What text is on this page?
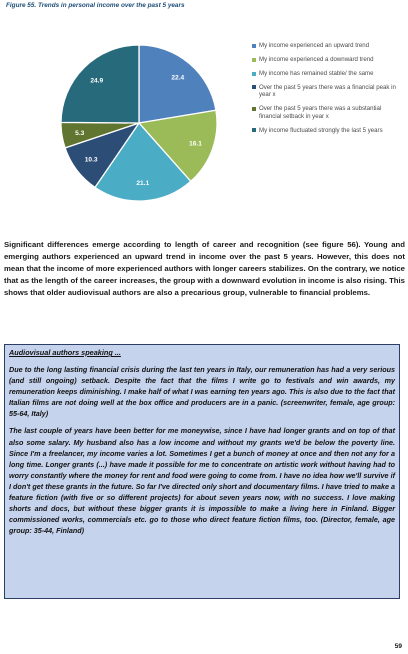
Figure 55. Trends in personal income over the past 5 years
22.4
16.1
21.1
10.3
5.3
24.9
My income experienced an upward trend
My income experienced a downward trend
My income has remained stable/ the same
Over the past 5 years there was a financial peak in year x
Over the past 5 years there was a substantial financial setback in year x
My income fluctuated strongly the last 5 years

Significant differences emerge according to length of career and recognition (see figure 56). Young and emerging authors experienced an upward trend in income over the past 5 years. However, this does not mean that the income of more experienced authors with longer careers stabilizes. On the contrary, we notice that as the length of the career increases, the group with a downward evolution in income is also rising. This shows that older audiovisual authors are also a precarious group, vulnerable to financial problems.

Audiovisual authors speaking ...

Due to the long lasting financial crisis during the last ten years in Italy, our remuneration has had a very serious (and still ongoing) setback. Despite the fact that the films I write go to festivals and win awards, my remuneration keeps diminishing. I make half of what I was earning ten years ago. This is also due to the fact that Italian films are not doing well at the box office and producers are in a panic. (screenwriter, female, age group: 55-64, Italy)

The last couple of years have been better for me moneywise, since I have had longer grants and on top of that also some salary. My husband also has a low income and without my grants we'd be below the poverty line. Since I'm a freelancer, my income varies a lot. Sometimes I get a bunch of money at once and then not any for a long time. Longer grants (...) have made it possible for me to concentrate on artistic work without having had to worry constantly where the money for rent and food were going to come from. I have no idea how we'll survive if I don't get these grants in the future. So far I've directed only short and documentary films. I have tried to make a feature fiction (with five or so different projects) for about seven years now, with no success. I love making shorts and docs, but without these bigger grants it is impossible to make a living here in Finland. Bigger commissioned works, commercials etc. go to those who direct feature fiction films, too. (Director, female, age group: 35-44, Finland)

59
